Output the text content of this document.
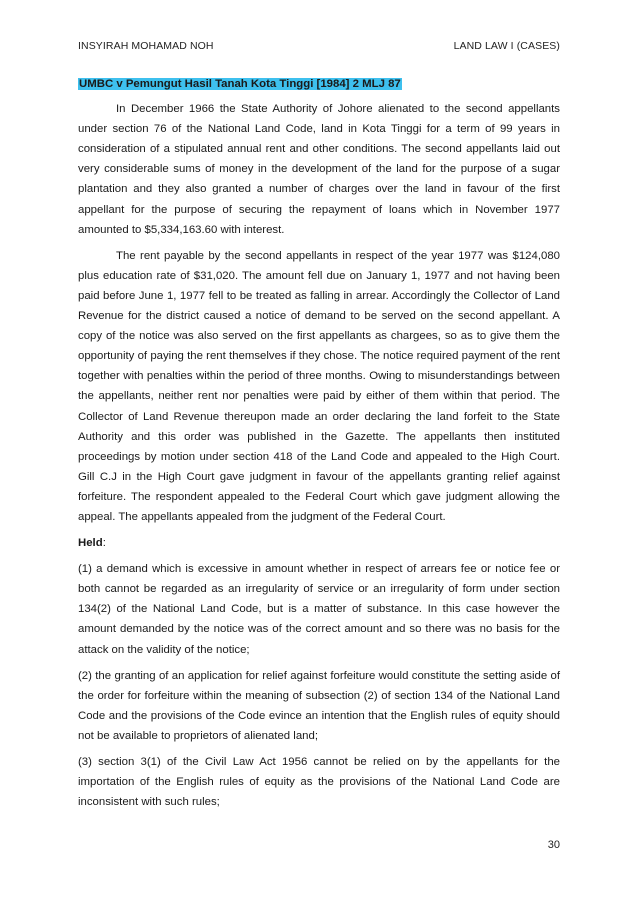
INSYIRAH MOHAMAD NOH	LAND LAW I (CASES)

UMBC v Pemungut Hasil Tanah Kota Tinggi [1984] 2 MLJ 87

In December 1966 the State Authority of Johore alienated to the second appellants under section 76 of the National Land Code, land in Kota Tinggi for a term of 99 years in consideration of a stipulated annual rent and other conditions. The second appellants laid out very considerable sums of money in the development of the land for the purpose of a sugar plantation and they also granted a number of charges over the land in favour of the first appellant for the purpose of securing the repayment of loans which in November 1977 amounted to $5,334,163.60 with interest.

The rent payable by the second appellants in respect of the year 1977 was $124,080 plus education rate of $31,020. The amount fell due on January 1, 1977 and not having been paid before June 1, 1977 fell to be treated as falling in arrear. Accordingly the Collector of Land Revenue for the district caused a notice of demand to be served on the second appellant. A copy of the notice was also served on the first appellants as chargees, so as to give them the opportunity of paying the rent themselves if they chose. The notice required payment of the rent together with penalties within the period of three months. Owing to misunderstandings between the appellants, neither rent nor penalties were paid by either of them within that period. The Collector of Land Revenue thereupon made an order declaring the land forfeit to the State Authority and this order was published in the Gazette. The appellants then instituted proceedings by motion under section 418 of the Land Code and appealed to the High Court. Gill C.J in the High Court gave judgment in favour of the appellants granting relief against forfeiture. The respondent appealed to the Federal Court which gave judgment allowing the appeal. The appellants appealed from the judgment of the Federal Court.

Held:

(1) a demand which is excessive in amount whether in respect of arrears fee or notice fee or both cannot be regarded as an irregularity of service or an irregularity of form under section 134(2) of the National Land Code, but is a matter of substance. In this case however the amount demanded by the notice was of the correct amount and so there was no basis for the attack on the validity of the notice;

(2) the granting of an application for relief against forfeiture would constitute the setting aside of the order for forfeiture within the meaning of subsection (2) of section 134 of the National Land Code and the provisions of the Code evince an intention that the English rules of equity should not be available to proprietors of alienated land;

(3) section 3(1) of the Civil Law Act 1956 cannot be relied on by the appellants for the importation of the English rules of equity as the provisions of the National Land Code are inconsistent with such rules;

30
